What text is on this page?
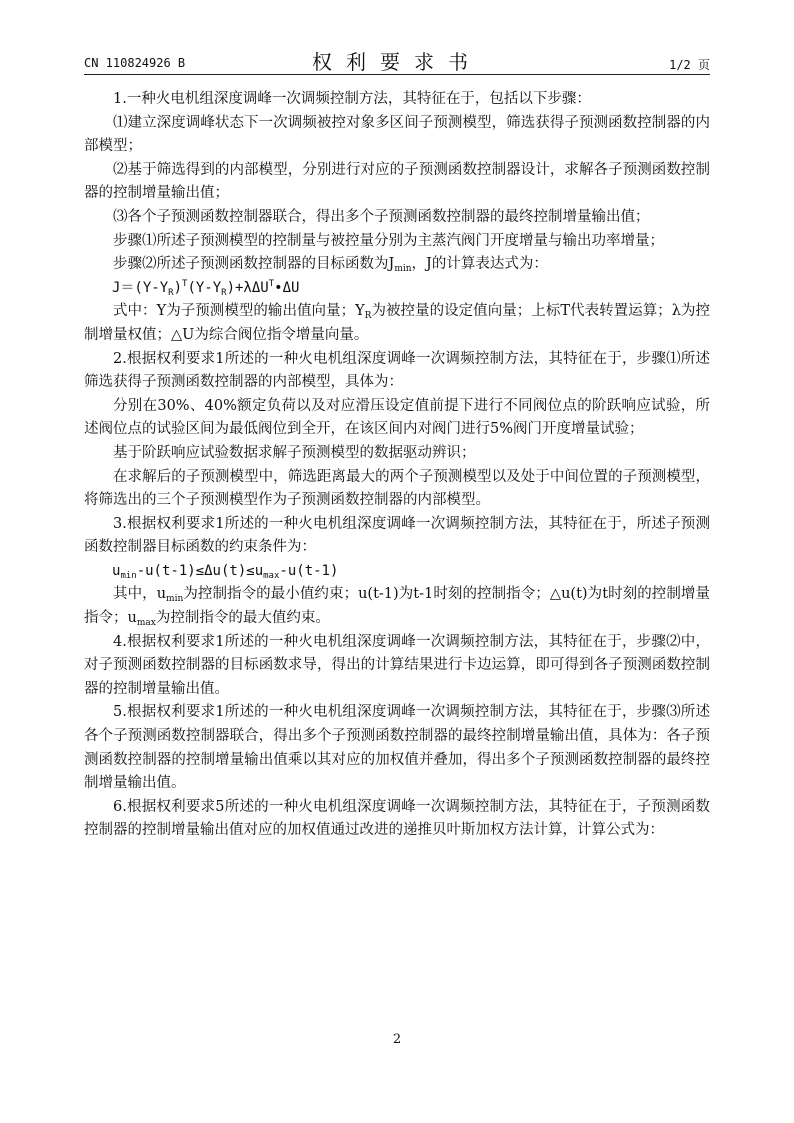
CN 110824926 B	权利要求书	1/2 页

1.一种火电机组深度调峰一次调频控制方法，其特征在于，包括以下步骤：

⑴建立深度调峰状态下一次调频被控对象多区间子预测模型，筛选获得子预测函数控制器的内部模型；

⑵基于筛选得到的内部模型，分别进行对应的子预测函数控制器设计，求解各子预测函数控制器的控制增量输出值；

⑶各个子预测函数控制器联合，得出多个子预测函数控制器的最终控制增量输出值；

步骤⑴所述子预测模型的控制量与被控量分别为主蒸汽阀门开度增量与输出功率增量；

步骤⑵所述子预测函数控制器的目标函数为$J_{min}$，J的计算表达式为：

$J=(Y-Y_R)^T(Y-Y_R)+\lambda\Delta U^T•\Delta U$

式中：Y为子预测模型的输出值向量；$Y_R$为被控量的设定值向量；上标T代表转置运算；λ为控制增量权值；△U为综合阀位指令增量向量。

2.根据权利要求1所述的一种火电机组深度调峰一次调频控制方法，其特征在于，步骤⑴所述筛选获得子预测函数控制器的内部模型，具体为：

分别在30%、40%额定负荷以及对应滑压设定值前提下进行不同阀位点的阶跃响应试验，所述阀位点的试验区间为最低阀位到全开，在该区间内对阀门进行5%阀门开度增量试验；

基于阶跃响应试验数据求解子预测模型的数据驱动辨识；

在求解后的子预测模型中，筛选距离最大的两个子预测模型以及处于中间位置的子预测模型，将筛选出的三个子预测模型作为子预测函数控制器的内部模型。

3.根据权利要求1所述的一种火电机组深度调峰一次调频控制方法，其特征在于，所述子预测函数控制器目标函数的约束条件为：

$u_{min}-u(t-1)\le\Delta u(t)\le u_{max}-u(t-1)$

其中，$u_{min}$为控制指令的最小值约束；u(t-1)为t-1时刻的控制指令；△u(t)为t时刻的控制增量指令；$u_{max}$为控制指令的最大值约束。

4.根据权利要求1所述的一种火电机组深度调峰一次调频控制方法，其特征在于，步骤⑵中，对子预测函数控制器的目标函数求导，得出的计算结果进行卡边运算，即可得到各子预测函数控制器的控制增量输出值。

5.根据权利要求1所述的一种火电机组深度调峰一次调频控制方法，其特征在于，步骤⑶所述各个子预测函数控制器联合，得出多个子预测函数控制器的最终控制增量输出值，具体为：各子预测函数控制器的控制增量输出值乘以其对应的加权值并叠加，得出多个子预测函数控制器的最终控制增量输出值。

6.根据权利要求5所述的一种火电机组深度调峰一次调频控制方法，其特征在于，子预测函数控制器的控制增量输出值对应的加权值通过改进的递推贝叶斯加权方法计算，计算公式为：

2
